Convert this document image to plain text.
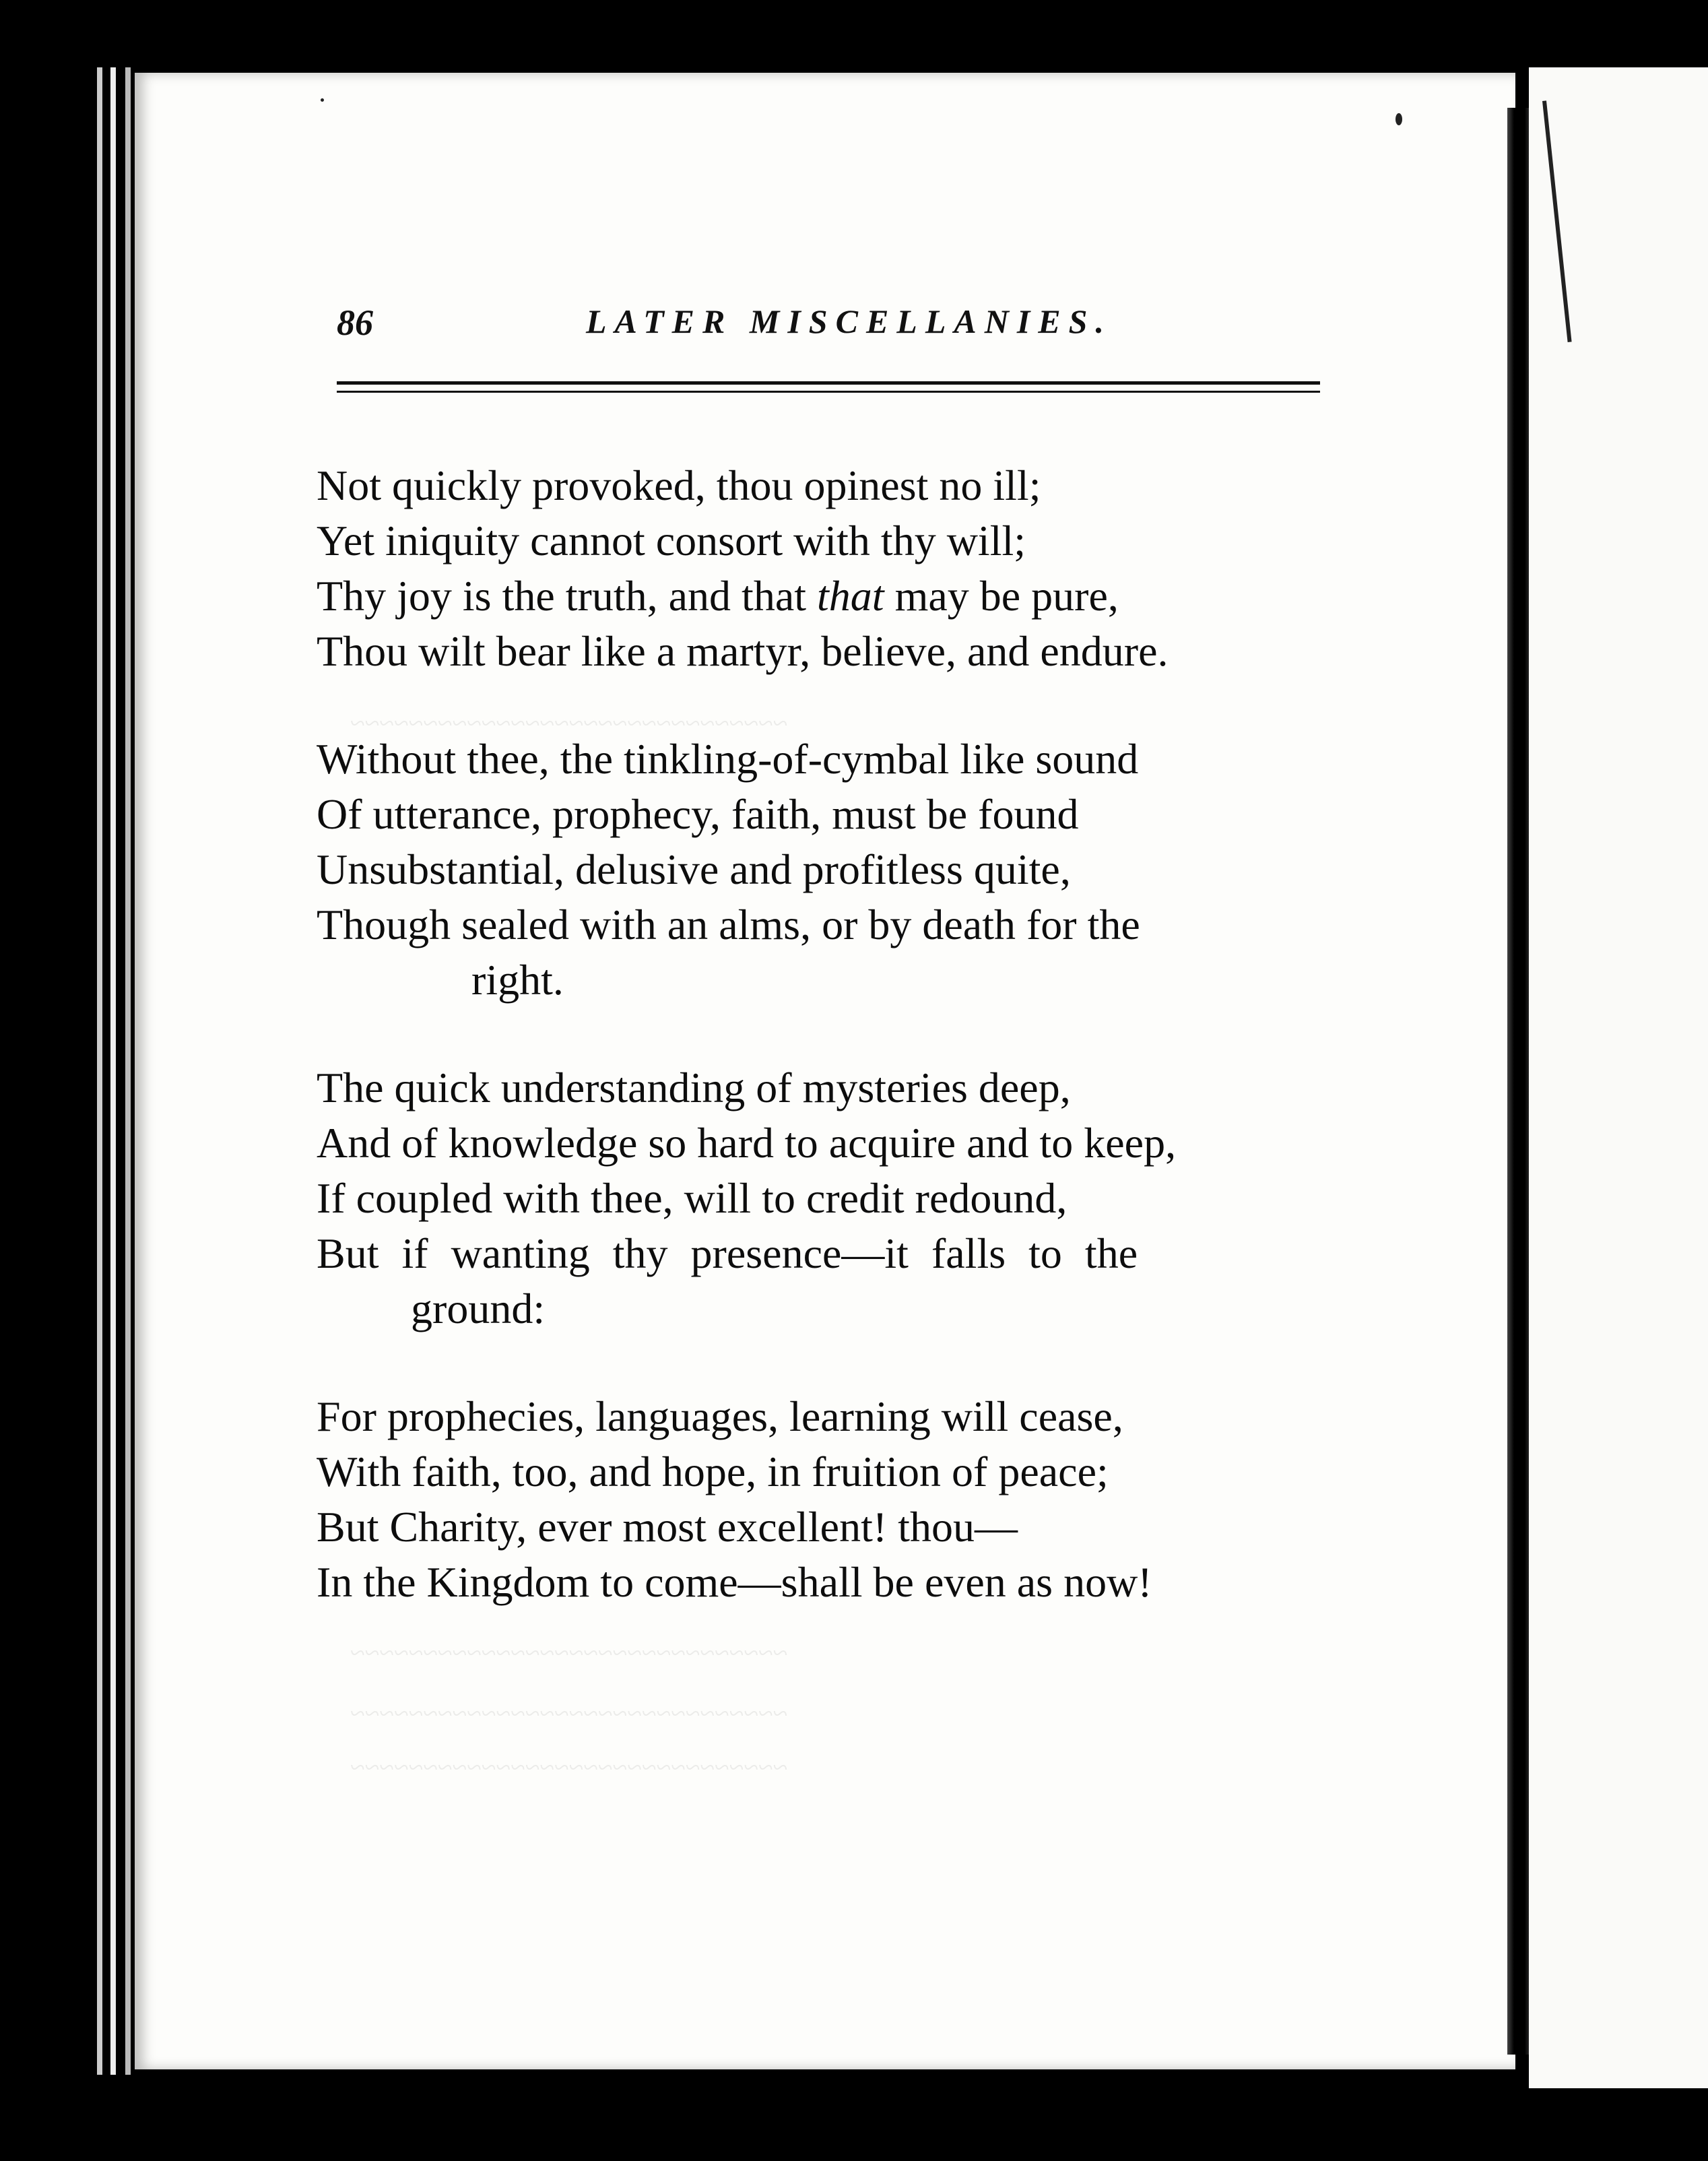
~~~~~~~~~~~~~~~~~~~~~~~~~~~~~~
~~~~~~~~~~~~~~~~~~~~~~~~~~~~~~
~~~~~~~~~~~~~~~~~~~~~~~~~~~~~~
~~~~~~~~~~~~~~~~~~~~~~~~~~~~~~
86	LATER MISCELLANIES.
Not quickly provoked, thou opinest no ill;
Yet iniquity cannot consort with thy will;
Thy joy is the truth, and that that may be pure,
Thou wilt bear like a martyr, believe, and endure.
Without thee, the tinkling-of-cymbal like sound
Of utterance, prophecy, faith, must be found
Unsubstantial, delusive and profitless quite,
Though sealed with an alms, or by death for the
right.
The quick understanding of mysteries deep,
And of knowledge so hard to acquire and to keep,
If coupled with thee, will to credit redound,
But if wanting thy presence—it falls to the
ground:
For prophecies, languages, learning will cease,
With faith, too, and hope, in fruition of peace;
But Charity, ever most excellent! thou—
In the Kingdom to come—shall be even as now!
